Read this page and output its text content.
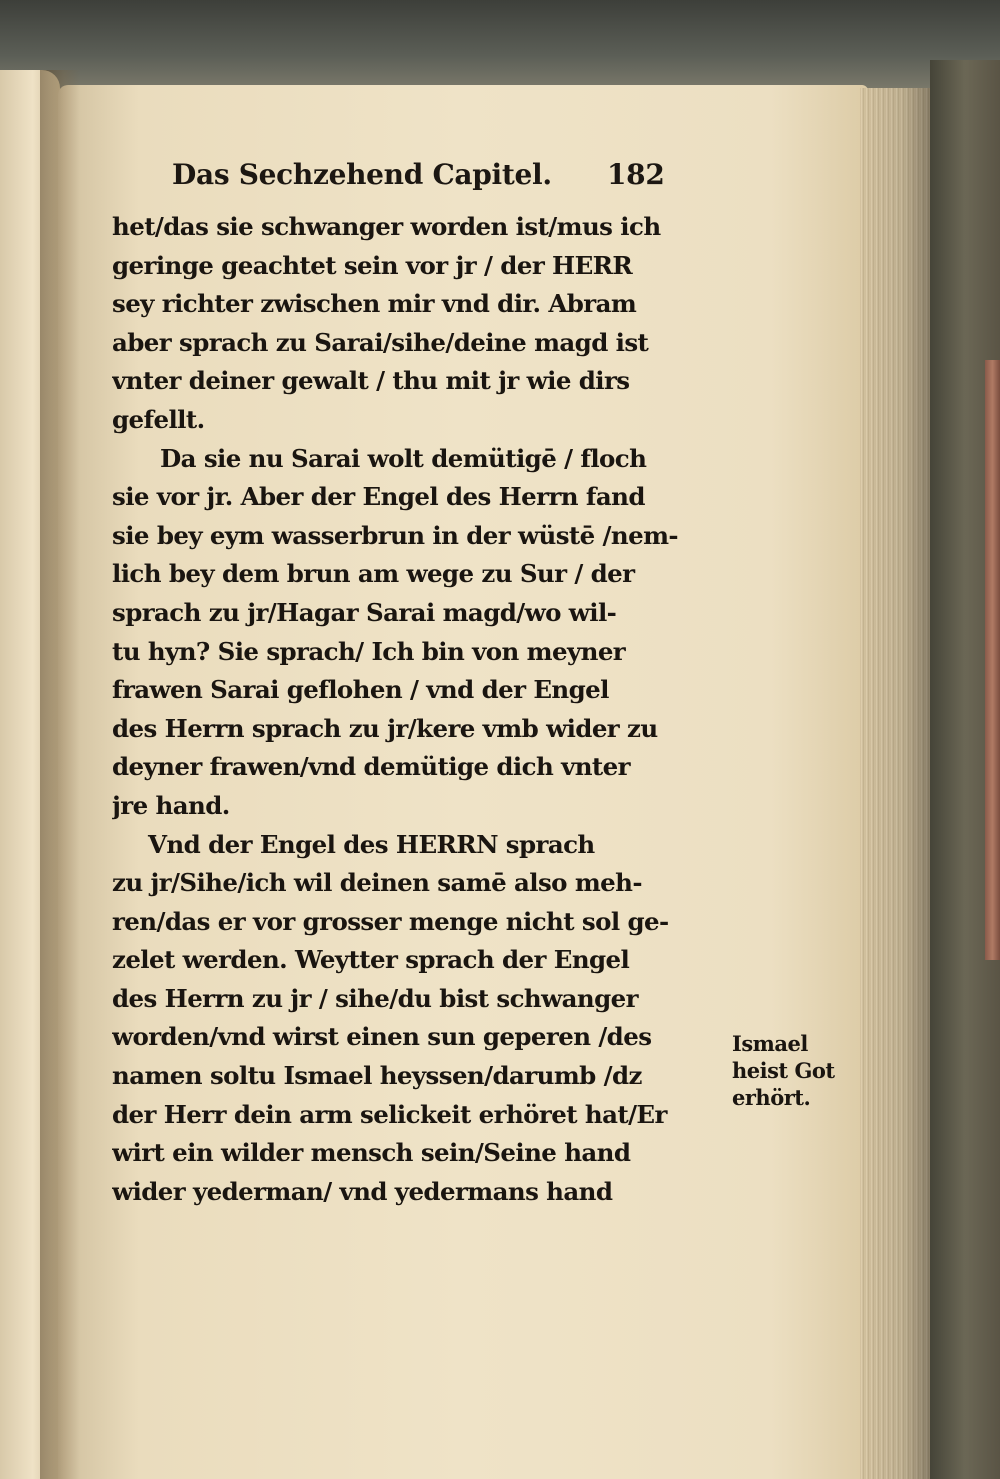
Das Sechzehend Capitel. 182
het/das sie schwanger worden ist/mus ich
geringe geachtet sein vor jr / der HERR
sey richter zwischen mir vnd dir. Abram
aber sprach zu Sarai/sihe/deine magd ist
vnter deiner gewalt / thu mit jr wie dirs
gefellt.
Da sie nu Sarai wolt demütigē / floch
sie vor jr. Aber der Engel des Herrn fand
sie bey eym wasserbrun in der wüstē /nem-
lich bey dem brun am wege zu Sur / der
sprach zu jr/Hagar Sarai magd/wo wil-
tu hyn? Sie sprach/ Ich bin von meyner
frawen Sarai geflohen / vnd der Engel
des Herrn sprach zu jr/kere vmb wider zu
deyner frawen/vnd demütige dich vnter
jre hand.
Vnd der Engel des HERRN sprach
zu jr/Sihe/ich wil deinen samē also meh-
ren/das er vor grosser menge nicht sol ge-
zelet werden. Weytter sprach der Engel
des Herrn zu jr / sihe/du bist schwanger
worden/vnd wirst einen sun geperen /des
namen soltu Ismael heyssen/darumb /dz
der Herr dein arm selickeit erhöret hat/Er
wirt ein wilder mensch sein/Seine hand
wider yederman/ vnd yedermans hand
Ismael
heist Got
erhört.
